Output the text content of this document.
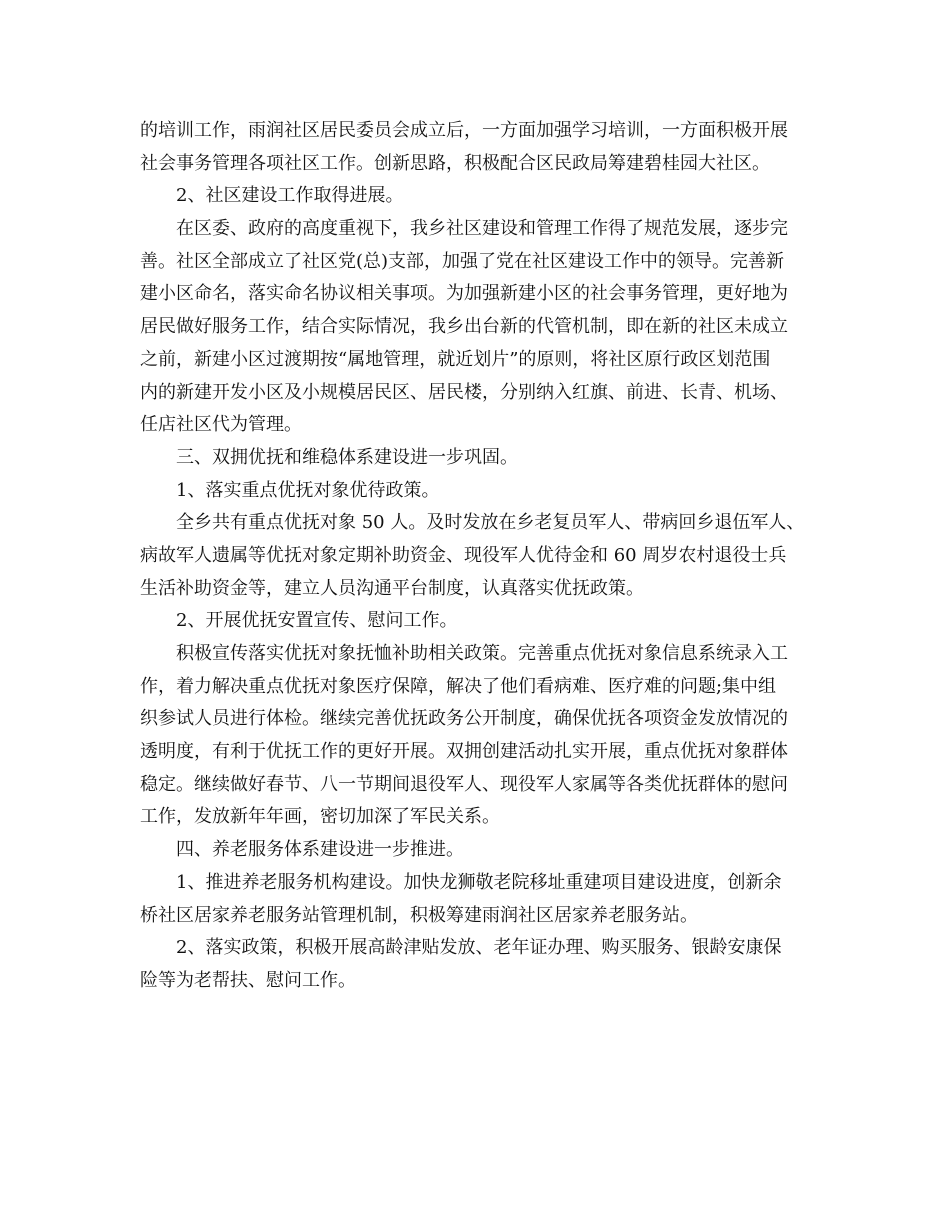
的培训工作，雨润社区居民委员会成立后，一方面加强学习培训，一方面积极开展
社会事务管理各项社区工作。创新思路，积极配合区民政局筹建碧桂园大社区。
2、社区建设工作取得进展。
在区委、政府的高度重视下，我乡社区建设和管理工作得了规范发展，逐步完
善。社区全部成立了社区党(总)支部，加强了党在社区建设工作中的领导。完善新
建小区命名，落实命名协议相关事项。为加强新建小区的社会事务管理，更好地为
居民做好服务工作，结合实际情况，我乡出台新的代管机制，即在新的社区未成立
之前，新建小区过渡期按“属地管理，就近划片”的原则，将社区原行政区划范围
内的新建开发小区及小规模居民区、居民楼，分别纳入红旗、前进、长青、机场、
任店社区代为管理。
三、双拥优抚和维稳体系建设进一步巩固。
1、落实重点优抚对象优待政策。
全乡共有重点优抚对象 50 人。及时发放在乡老复员军人、带病回乡退伍军人、
病故军人遗属等优抚对象定期补助资金、现役军人优待金和 60 周岁农村退役士兵
生活补助资金等，建立人员沟通平台制度，认真落实优抚政策。
2、开展优抚安置宣传、慰问工作。
积极宣传落实优抚对象抚恤补助相关政策。完善重点优抚对象信息系统录入工
作，着力解决重点优抚对象医疗保障，解决了他们看病难、医疗难的问题;集中组
织参试人员进行体检。继续完善优抚政务公开制度，确保优抚各项资金发放情况的
透明度，有利于优抚工作的更好开展。双拥创建活动扎实开展，重点优抚对象群体
稳定。继续做好春节、八一节期间退役军人、现役军人家属等各类优抚群体的慰问
工作，发放新年年画，密切加深了军民关系。
四、养老服务体系建设进一步推进。
1、推进养老服务机构建设。加快龙狮敬老院移址重建项目建设进度，创新余
桥社区居家养老服务站管理机制，积极筹建雨润社区居家养老服务站。
2、落实政策，积极开展高龄津贴发放、老年证办理、购买服务、银龄安康保
险等为老帮扶、慰问工作。
